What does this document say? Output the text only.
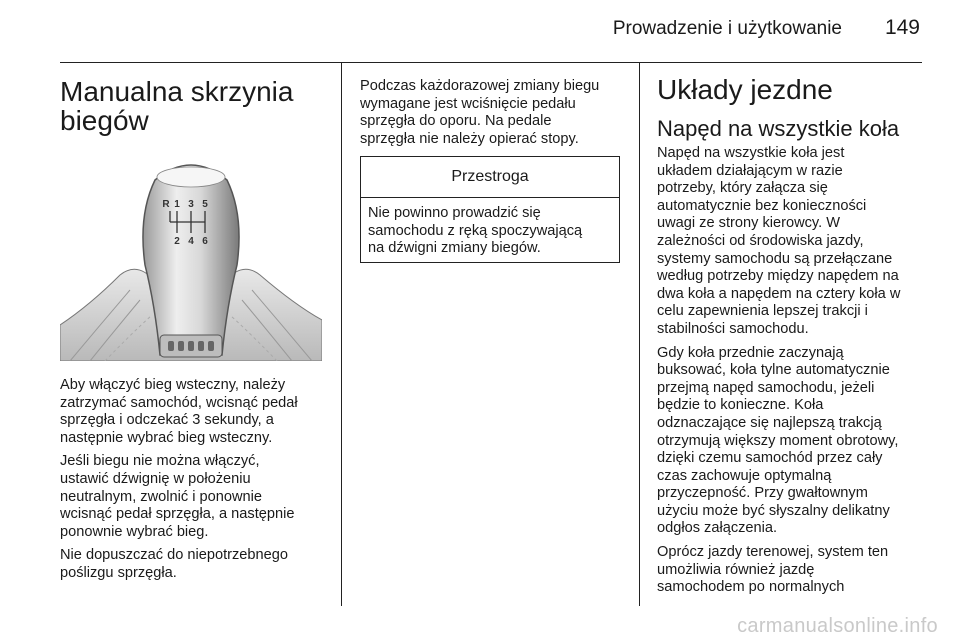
Prowadzenie i użytkowanie 149
Manualna skrzynia
biegów
R 1 3 5
2 4 6

Aby włączyć bieg wsteczny, należy
zatrzymać samochód, wcisnąć pedał
sprzęgła i odczekać 3 sekundy, a
następnie wybrać bieg wsteczny.

Jeśli biegu nie można włączyć,
ustawić dźwignię w położeniu
neutralnym, zwolnić i ponownie
wcisnąć pedał sprzęgła, a następnie
ponownie wybrać bieg.

Nie dopuszczać do niepotrzebnego
poślizgu sprzęgła.

Podczas każdorazowej zmiany biegu
wymagane jest wciśnięcie pedału
sprzęgła do oporu. Na pedale
sprzęgła nie należy opierać stopy.

Przestroga
Nie powinno prowadzić się
samochodu z ręką spoczywającą
na dźwigni zmiany biegów.
Układy jezdne
Napęd na wszystkie koła

Napęd na wszystkie koła jest
układem działającym w razie
potrzeby, który załącza się
automatycznie bez konieczności
uwagi ze strony kierowcy. W
zależności od środowiska jazdy,
systemy samochodu są przełączane
według potrzeby między napędem na
dwa koła a napędem na cztery koła w
celu zapewnienia lepszej trakcji i
stabilności samochodu.

Gdy koła przednie zaczynają
buksować, koła tylne automatycznie
przejmą napęd samochodu, jeżeli
będzie to konieczne. Koła
odznaczające się najlepszą trakcją
otrzymują większy moment obrotowy,
dzięki czemu samochód przez cały
czas zachowuje optymalną
przyczepność. Przy gwałtownym
użyciu może być słyszalny delikatny
odgłos załączenia.

Oprócz jazdy terenowej, system ten
umożliwia również jazdę
samochodem po normalnych

carmanualsonline.info
